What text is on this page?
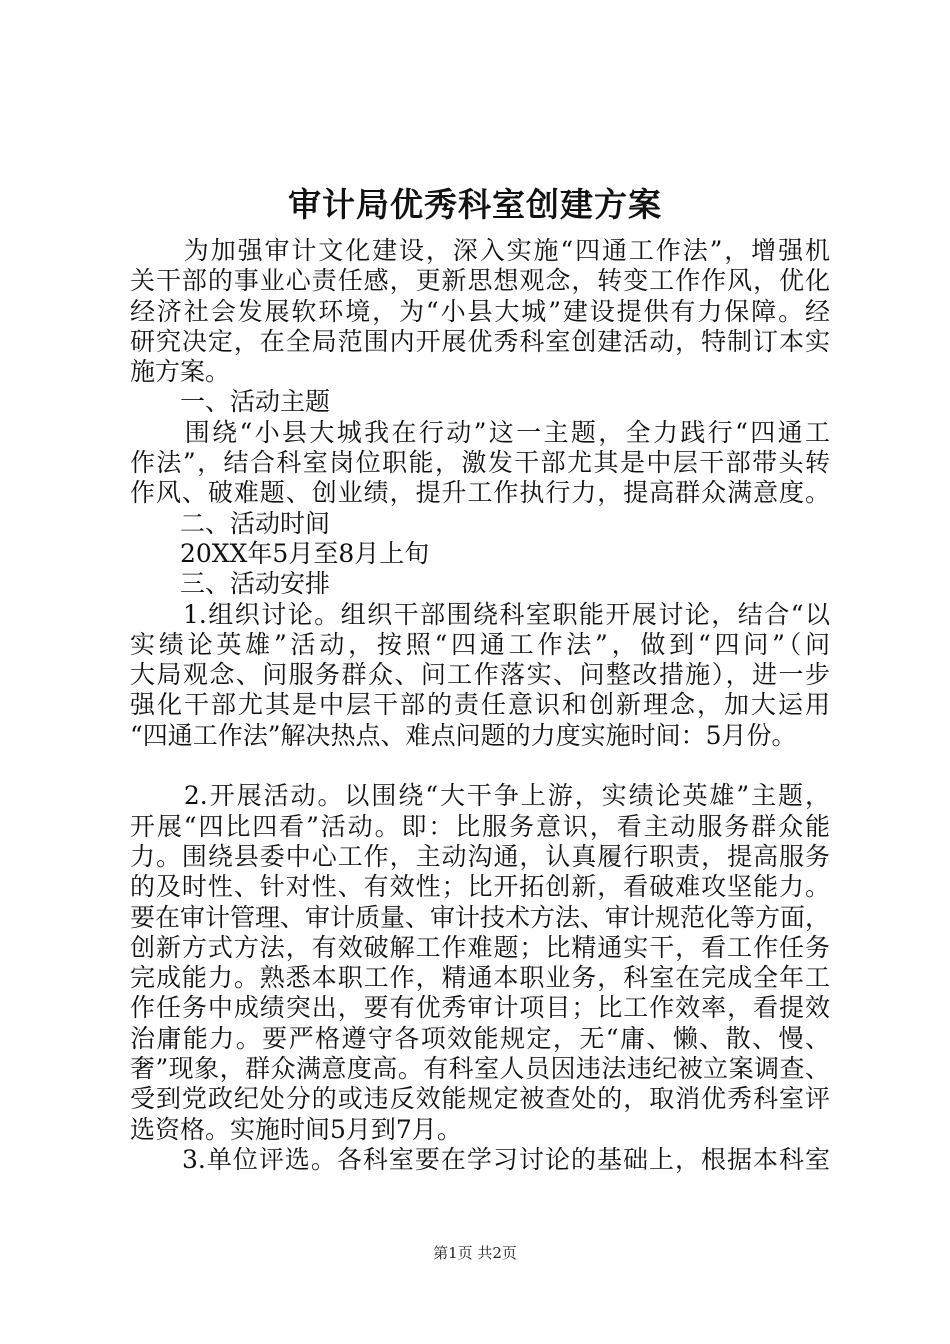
审计局优秀科室创建方案
　　为加强审计文化建设，深入实施“四通工作法”，增强机
关干部的事业心责任感，更新思想观念，转变工作作风，优化
经济社会发展软环境，为“小县大城”建设提供有力保障。经
研究决定，在全局范围内开展优秀科室创建活动，特制订本实
施方案。
　　一、活动主题
　　围绕“小县大城我在行动”这一主题，全力践行“四通工
作法”，结合科室岗位职能，激发干部尤其是中层干部带头转
作风、破难题、创业绩，提升工作执行力，提高群众满意度。
　　二、活动时间
　　20XX年5月至8月上旬
　　三、活动安排
　　1.组织讨论。组织干部围绕科室职能开展讨论，结合“以
实绩论英雄”活动，按照“四通工作法”，做到“四问”（问
大局观念、问服务群众、问工作落实、问整改措施），进一步
强化干部尤其是中层干部的责任意识和创新理念，加大运用
“四通工作法”解决热点、难点问题的力度实施时间：5月份。
　　2.开展活动。以围绕“大干争上游，实绩论英雄”主题，
开展“四比四看”活动。即：比服务意识，看主动服务群众能
力。围绕县委中心工作，主动沟通，认真履行职责，提高服务
的及时性、针对性、有效性；比开拓创新，看破难攻坚能力。
要在审计管理、审计质量、审计技术方法、审计规范化等方面，
创新方式方法，有效破解工作难题；比精通实干，看工作任务
完成能力。熟悉本职工作，精通本职业务，科室在完成全年工
作任务中成绩突出，要有优秀审计项目；比工作效率，看提效
治庸能力。要严格遵守各项效能规定，无“庸、懒、散、慢、
奢”现象，群众满意度高。有科室人员因违法违纪被立案调查、
受到党政纪处分的或违反效能规定被查处的，取消优秀科室评
选资格。实施时间5月到7月。
　　3.单位评选。各科室要在学习讨论的基础上，根据本科室
第1页 共2页
